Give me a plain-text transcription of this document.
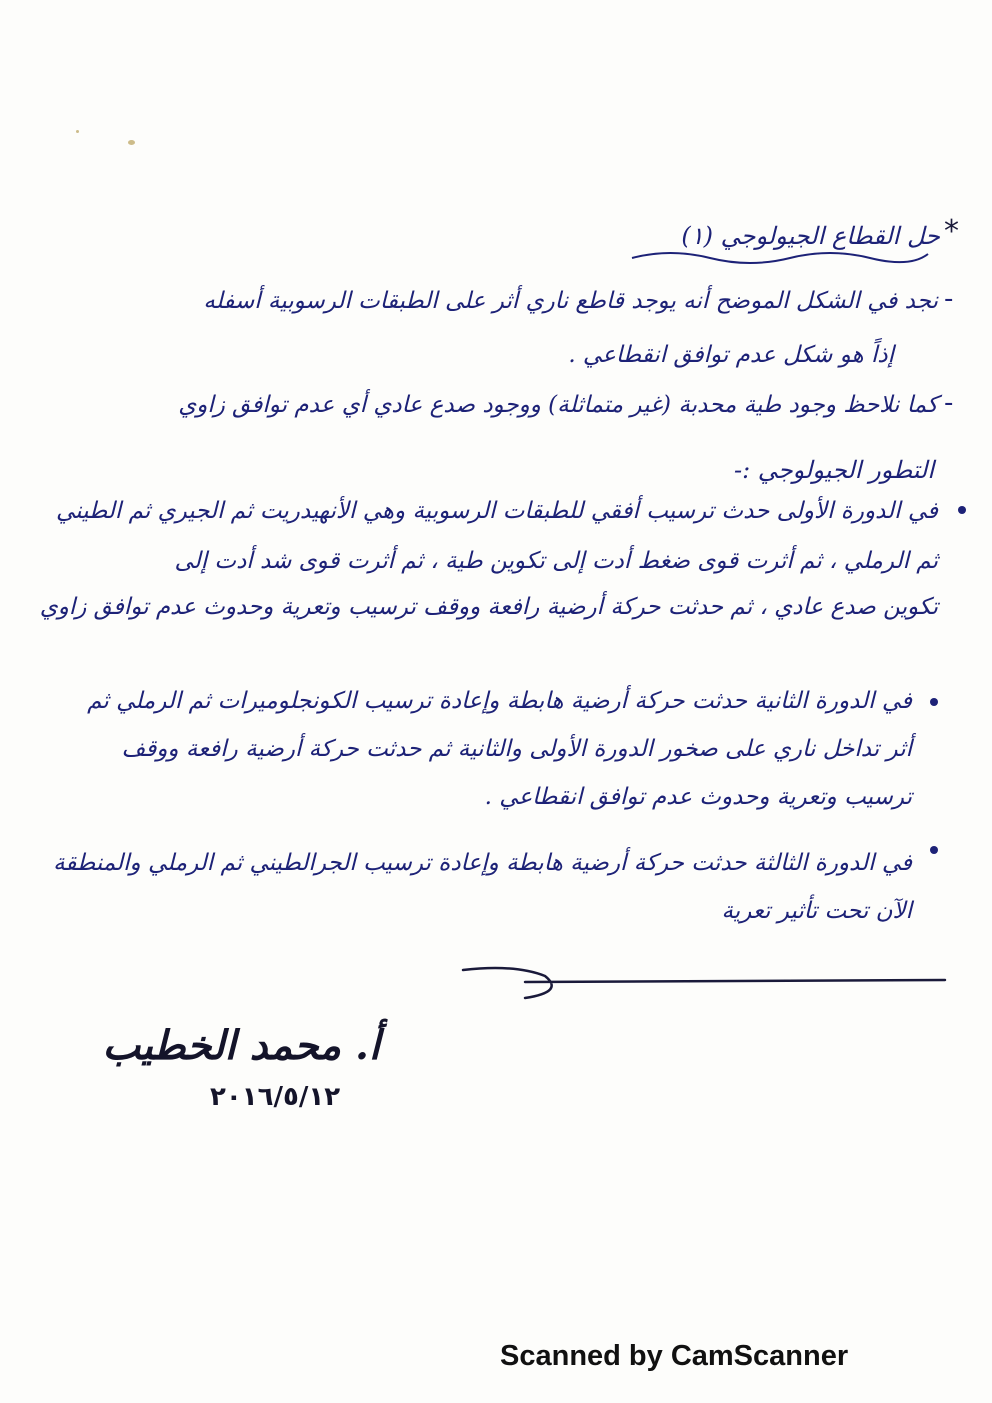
*
حل القطاع الجيولوجي (١)
-
نجد في الشكل الموضح أنه يوجد قاطع ناري أثر على الطبقات الرسوبية أسفله
إذاً هو شكل عدم توافق انقطاعي .
-
كما نلاحظ وجود طية محدبة (غير متماثلة) ووجود صدع عادي أي عدم توافق زاوي
التطور الجيولوجي :-
في الدورة الأولى حدث ترسيب أفقي للطبقات الرسوبية وهي الأنهيدريت ثم الجيري ثم الطيني
ثم الرملي ، ثم أثرت قوى ضغط أدت إلى تكوين طية ، ثم أثرت قوى شد أدت إلى
تكوين صدع عادي ، ثم حدثت حركة أرضية رافعة ووقف ترسيب وتعرية وحدوث عدم توافق زاوي
في الدورة الثانية حدثت حركة أرضية هابطة وإعادة ترسيب الكونجلوميرات ثم الرملي ثم
أثر تداخل ناري على صخور الدورة الأولى والثانية ثم حدثت حركة أرضية رافعة ووقف
ترسيب وتعرية وحدوث عدم توافق انقطاعي .
في الدورة الثالثة حدثت حركة أرضية هابطة وإعادة ترسيب الجرالطيني ثم الرملي والمنطقة
الآن تحت تأثير تعرية
أ. محمد الخطيب
٢٠١٦/٥/١٢
Scanned by CamScanner
